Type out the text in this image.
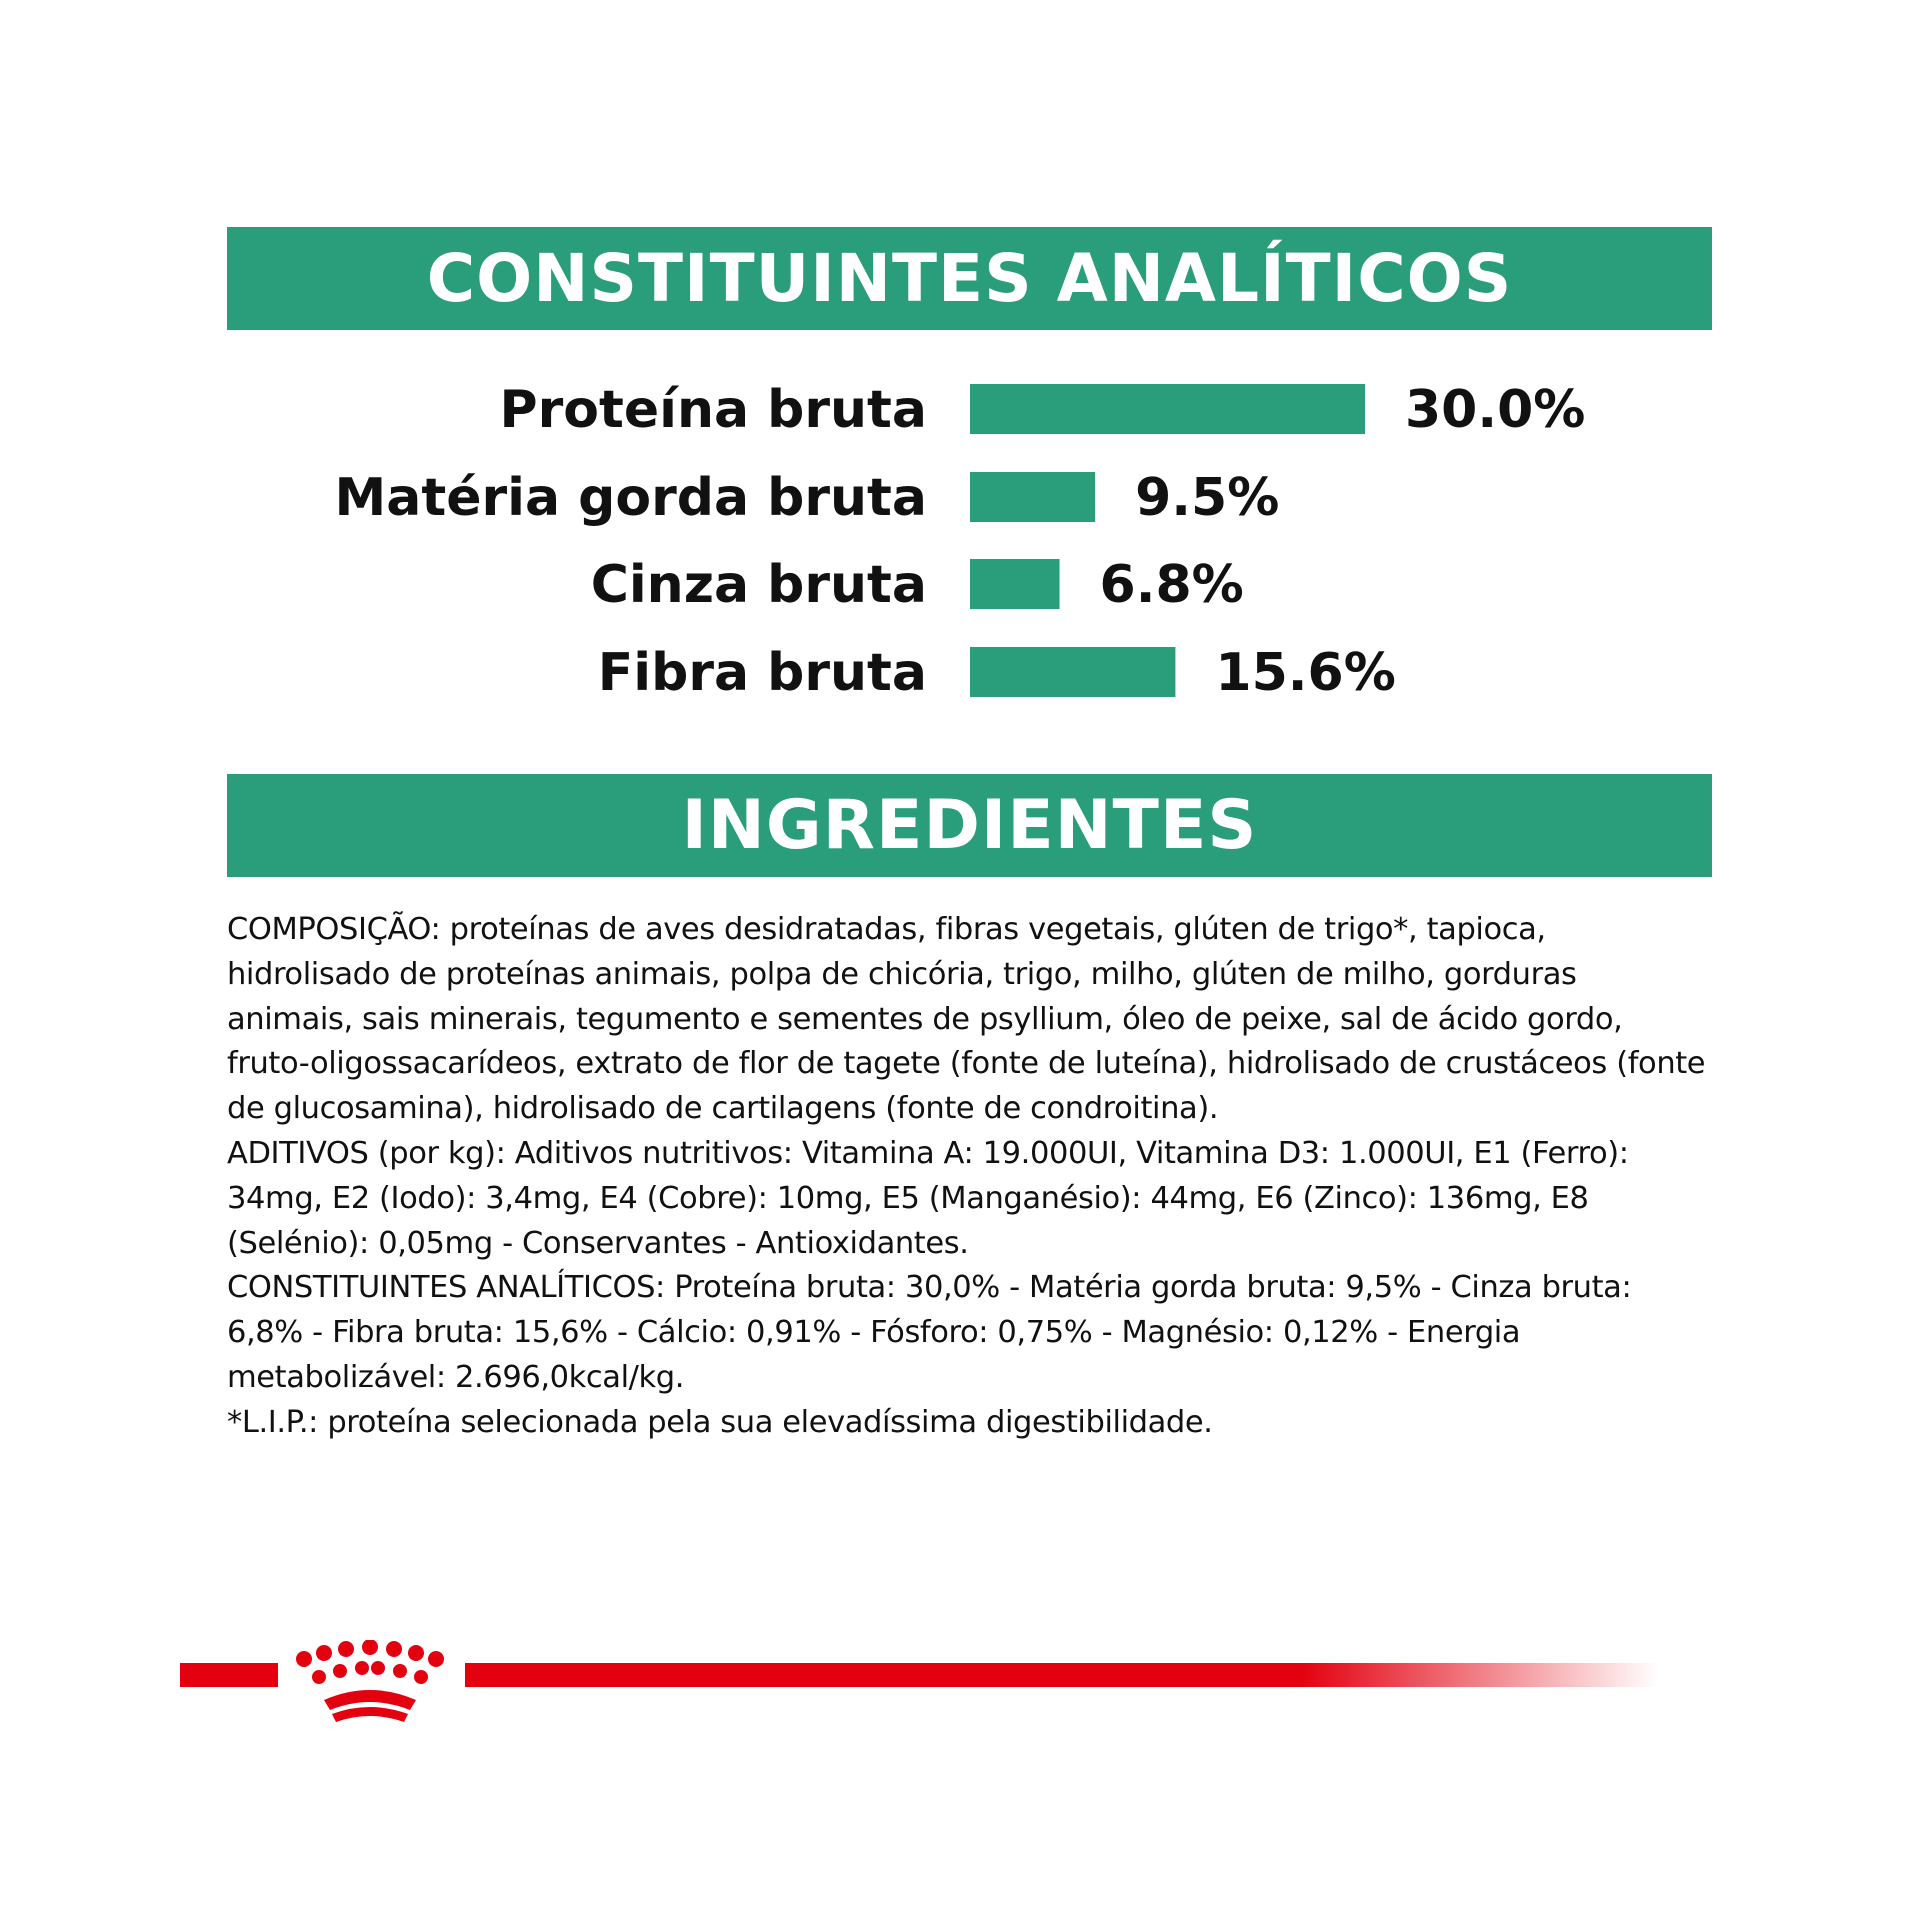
CONSTITUINTES ANALÍTICOS
Proteína bruta	30.0%
Matéria gorda bruta	9.5%
Cinza bruta	6.8%
Fibra bruta	15.6%
INGREDIENTES

COMPOSIÇÃO: proteínas de aves desidratadas, fibras vegetais, glúten de trigo*, tapioca, hidrolisado de proteínas animais, polpa de chicória, trigo, milho, glúten de milho, gorduras animais, sais minerais, tegumento e sementes de psyllium, óleo de peixe, sal de ácido gordo, fruto-oligossacarídeos, extrato de flor de tagete (fonte de luteína), hidrolisado de crustáceos (fonte de glucosamina), hidrolisado de cartilagens (fonte de condroitina).

ADITIVOS (por kg): Aditivos nutritivos: Vitamina A: 19.000UI, Vitamina D3: 1.000UI, E1 (Ferro): 34mg, E2 (Iodo): 3,4mg, E4 (Cobre): 10mg, E5 (Manganésio): 44mg, E6 (Zinco): 136mg, E8 (Selénio): 0,05mg - Conservantes - Antioxidantes.

CONSTITUINTES ANALÍTICOS: Proteína bruta: 30,0% - Matéria gorda bruta: 9,5% - Cinza bruta: 6,8% - Fibra bruta: 15,6% - Cálcio: 0,91% - Fósforo: 0,75% - Magnésio: 0,12% - Energia metabolizável: 2.696,0kcal/kg.

*L.I.P.: proteína selecionada pela sua elevadíssima digestibilidade.
